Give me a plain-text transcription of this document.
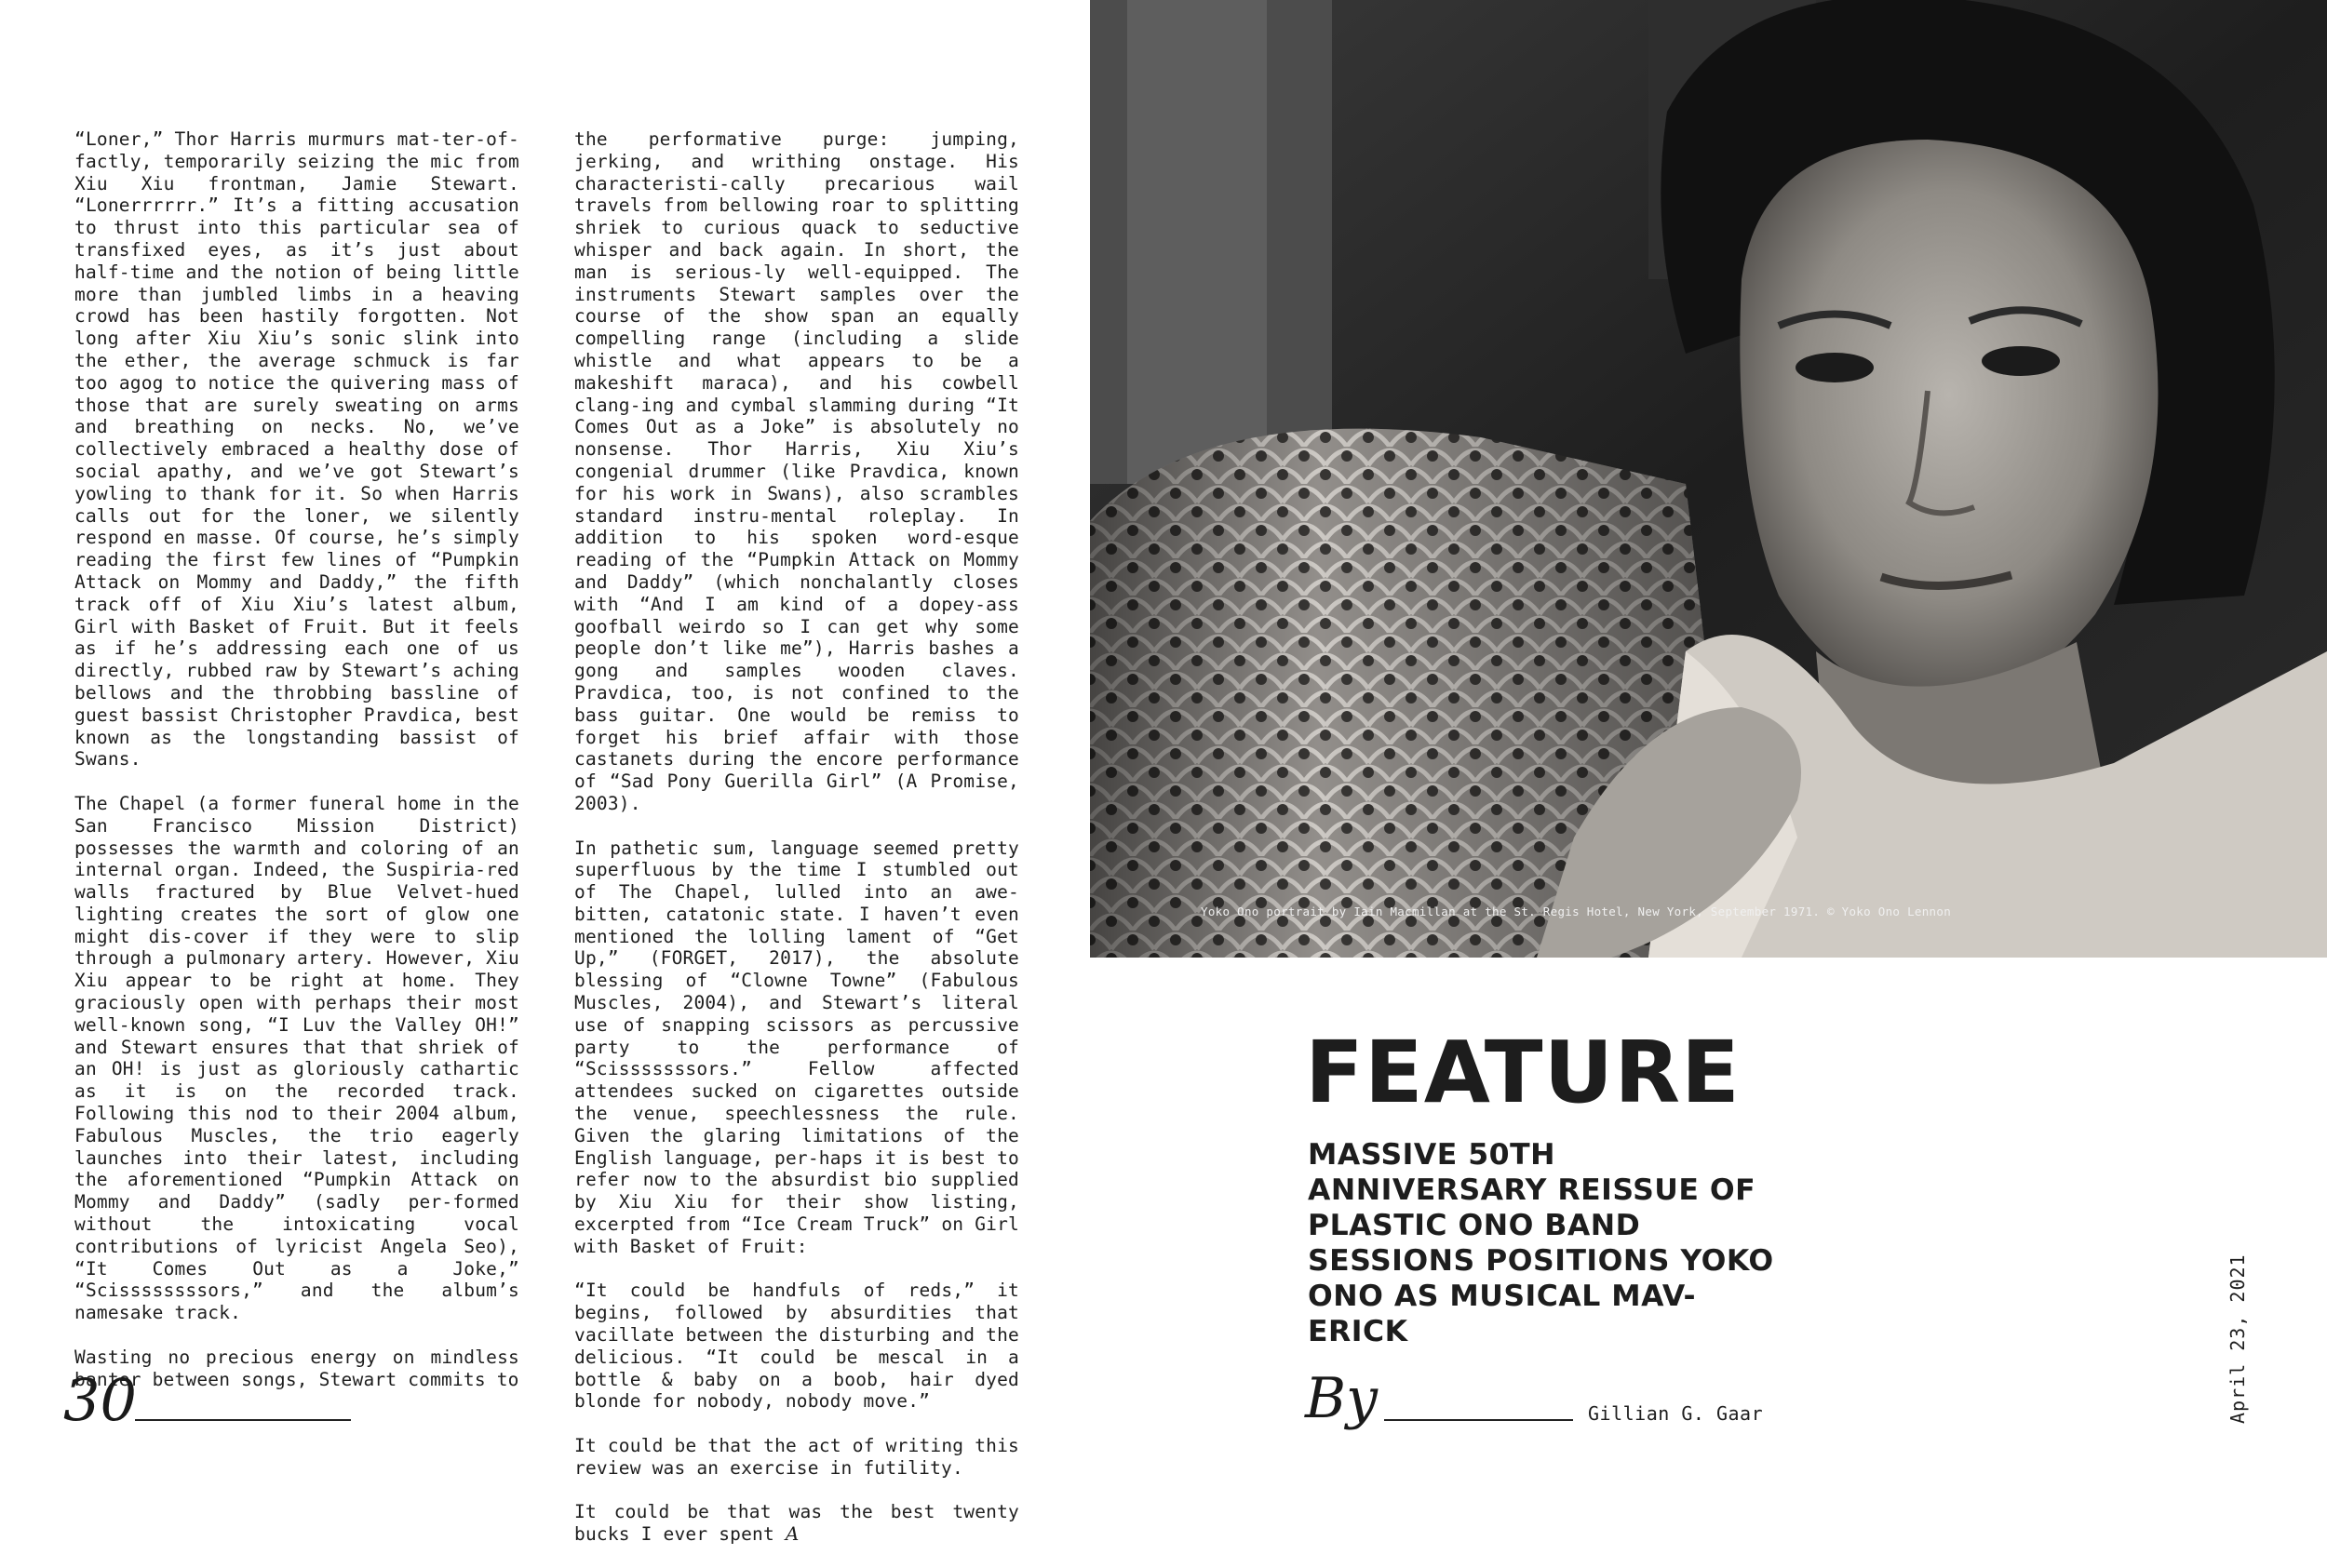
“Loner,” Thor Harris murmurs mat-ter-of-factly, temporarily seizing the mic from Xiu Xiu frontman, Jamie Stewart. “Lonerrrrrr.” It’s a fitting accusation to thrust into this particular sea of transfixed eyes, as it’s just about half-time and the notion of being little more than jumbled limbs in a heaving crowd has been hastily forgotten. Not long after Xiu Xiu’s sonic slink into the ether, the average schmuck is far too agog to notice the quivering mass of those that are surely sweating on arms and breathing on necks. No, we’ve collectively embraced a healthy dose of social apathy, and we’ve got Stewart’s yowling to thank for it. So when Harris calls out for the loner, we silently respond en masse. Of course, he’s simply reading the first few lines of “Pumpkin Attack on Mommy and Daddy,” the fifth track off of Xiu Xiu’s latest album, Girl with Basket of Fruit. But it feels as if he’s addressing each one of us directly, rubbed raw by Stewart’s aching bellows and the throbbing bassline of guest bassist Christopher Pravdica, best known as the longstanding bassist of Swans.

The Chapel (a former funeral home in the San Francisco Mission District) possesses the warmth and coloring of an internal organ. Indeed, the Suspiria-red walls fractured by Blue Velvet-hued lighting creates the sort of glow one might dis-cover if they were to slip through a pulmonary artery. However, Xiu Xiu appear to be right at home. They graciously open with perhaps their most well-known song, “I Luv the Valley OH!” and Stewart ensures that that shriek of an OH! is just as gloriously cathartic as it is on the recorded track. Following this nod to their 2004 album, Fabulous Muscles, the trio eagerly launches into their latest, including the aforementioned “Pumpkin Attack on Mommy and Daddy” (sadly per-formed without the intoxicating vocal contributions of lyricist Angela Seo), “It Comes Out as a Joke,” “Scissssssssors,” and the album’s namesake track.

Wasting no precious energy on mindless banter between songs, Stewart commits to

the performative purge: jumping, jerking, and writhing onstage. His characteristi-cally precarious wail travels from bellowing roar to splitting shriek to curious quack to seductive whisper and back again. In short, the man is serious-ly well-equipped. The instruments Stewart samples over the course of the show span an equally compelling range (including a slide whistle and what appears to be a makeshift maraca), and his cowbell clang-ing and cymbal slamming during “It Comes Out as a Joke” is absolutely no nonsense. Thor Harris, Xiu Xiu’s congenial drummer (like Pravdica, known for his work in Swans), also scrambles standard instru-mental roleplay. In addition to his spoken word-esque reading of the “Pumpkin Attack on Mommy and Daddy” (which nonchalantly closes with “And I am kind of a dopey-ass goofball weirdo so I can get why some people don’t like me”), Harris bashes a gong and samples wooden claves. Pravdica, too, is not confined to the bass guitar. One would be remiss to forget his brief affair with those castanets during the encore performance of “Sad Pony Guerilla Girl” (A Promise, 2003).

In pathetic sum, language seemed pretty superfluous by the time I stumbled out of The Chapel, lulled into an awe-bitten, catatonic state. I haven’t even mentioned the lolling lament of “Get Up,” (FORGET, 2017), the absolute blessing of “Clowne Towne” (Fabulous Muscles, 2004), and Stewart’s literal use of snapping scissors as percussive party to the performance of “Scisssssssors.” Fellow affected attendees sucked on cigarettes outside the venue, speechlessness the rule. Given the glaring limitations of the English language, per-haps it is best to refer now to the absurdist bio supplied by Xiu Xiu for their show listing, excerpted from “Ice Cream Truck” on Girl with Basket of Fruit:

“It could be handfuls of reds,” it begins, followed by absurdities that vacillate between the disturbing and the delicious. “It could be mescal in a bottle & baby on a boob, hair dyed blonde for nobody, nobody move.”

It could be that the act of writing this review was an exercise in futility.

It could be that was the best twenty bucks I ever spent A

30
Yoko Ono portrait by Iain Macmillan at the St. Regis Hotel, New York, September 1971. © Yoko Ono Lennon
FEATURE
MASSIVE 50TH ANNIVERSARY REISSUE OF PLASTIC ONO BAND SESSIONS POSITIONS YOKO ONO AS MUSICAL MAV-ERICK
By	Gillian G. Gaar	April 23, 2021
